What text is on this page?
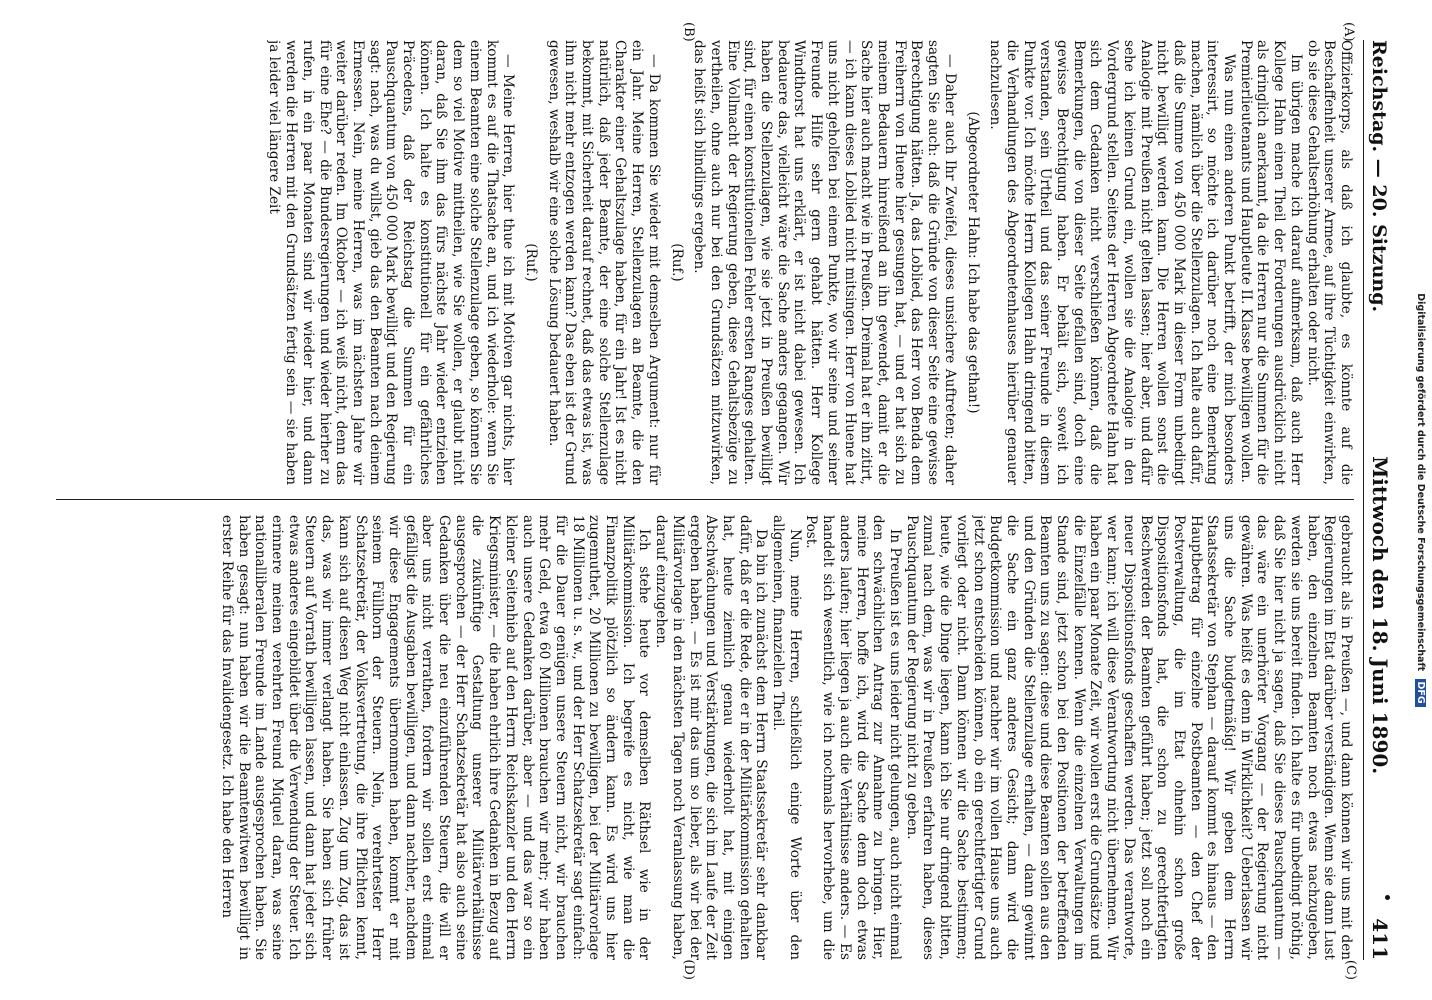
Reichstag. — 20. Sitzung.
Mittwoch den 18. Juni 1890.
411
(A)
(B)
(C)
(D)

Offizierkorps, als daß ich glaubte, es könnte auf die Beschaffenheit unserer Armee, auf ihre Tüchtigkeit einwirken, ob sie diese Gehaltserhöhung erhalten oder nicht.

Im übrigen mache ich darauf aufmerksam, daß auch Herr Kollege Hahn einen Theil der Forderungen ausdrücklich nicht als dringlich anerkannt, da die Herren nur die Summen für die Premierlieutenants und Hauptleute II. Klasse bewilligen wollen.

Was nun einen anderen Punkt betrifft, der mich besonders interessirt, so möchte ich darüber noch eine Bemerkung machen, nämlich über die Stellenzulagen. Ich halte auch dafür, daß die Summe von 450 000 Mark in dieser Form unbedingt nicht bewilligt werden kann. Die Herren wollen sonst die Analogie mit Preußen nicht gelten lassen; hier aber, und dafür sehe ich keinen Grund ein, wollen sie die Analogie in den Vordergrund stellen. Seitens der Herren Abgeordnete Hahn hat sich dem Gedanken nicht verschließen können, daß die Bemerkungen, die von dieser Seite gefallen sind, doch eine gewisse Berechtigung haben. Er behält sich, soweit ich verstanden, sein Urtheil und das seiner Freunde in diesem Punkte vor. Ich möchte Herrn Kollegen Hahn dringend bitten, die Verhandlungen des Abgeordnetenhauses hierüber genauer nachzulesen.

(Abgeordneter Hahn: Ich habe das gethan!)

— Daher auch Ihr Zweifel, dieses unsichere Auftreten; daher sagten Sie auch: daß die Gründe von dieser Seite eine gewisse Berechtigung hätten. Ja, das Loblied, das Herr von Benda dem Freiherrn von Huene hier gesungen hat, — und er hat sich zu meinem Bedauern hinreißend an ihn gewendet, damit er die Sache hier auch macht wie in Preußen. Dreimal hat er ihn zitirt, — ich kann dieses Loblied nicht mitsingen. Herr von Huene hat uns nicht geholfen bei einem Punkte, wo wir seine und seiner Freunde Hilfe sehr gern gehabt hätten. Herr Kollege Windthorst hat uns erklärt, er ist nicht dabei gewesen. Ich bedauere das, vielleicht wäre die Sache anders gegangen. Wir haben die Stellenzulagen, wie sie jetzt in Preußen bewilligt sind, für einen konstitutionellen Fehler ersten Ranges gehalten. Eine Vollmacht der Regierung geben, diese Gehaltsbezüge zu vertheilen, ohne auch nur bei den Grundsätzen mitzuwirken, das heißt sich blindlings ergeben.

(Ruf.)

— Da kommen Sie wieder mit demselben Argument: nur für ein Jahr. Meine Herren, Stellenzulagen an Beamte, die den Charakter einer Gehaltszulage haben, für ein Jahr! Ist es nicht natürlich, daß jeder Beamte, der eine solche Stellenzulage bekommt, mit Sicherheit darauf rechnet, daß das etwas ist, was ihm nicht mehr entzogen werden kann? Das eben ist der Grund gewesen, weshalb wir eine solche Lösung bedauert haben.

(Ruf.)

— Meine Herren, hier thue ich mit Motiven gar nichts, hier kommt es auf die Thatsache an, und ich wiederhole: wenn Sie einem Beamten eine solche Stellenzulage geben, so können Sie dem so viel Motive mittheilen, wie Sie wollen, er glaubt nicht daran, daß Sie ihm das fürs nächste Jahr wieder entziehen können. Ich halte es konstitutionell für ein gefährliches Präcedens, daß der Reichstag die Summen für ein Pauschquantum von 450 000 Mark bewilligt und den Regierung sagt: nach, was du willst, gieb das den Beamten nach deinem Ermessen. Nein, meine Herren, was im nächsten Jahre wir weiter darüber reden. Im Oktober — ich weiß nicht, denn das für eine Ehe? — die Bundesregierungen und wieder hierher zu rufen, in ein paar Monaten sind wir wieder hier, und dann werden die Herren mit den Grundsätzen fertig sein — sie haben ja leider viel längere Zeit

gebraucht als in Preußen —, und dann können wir uns mit den Regierungen im Etat darüber verständigen. Wenn sie dann Lust haben, den einzelnen Beamten noch etwas nachzugeben, werden sie uns bereit finden. Ich halte es für unbedingt nöthig, daß Sie hier nicht ja sagen, daß Sie dieses Pauschquantum — das wäre ein unerhörter Vorgang — der Regierung nicht gewähren. Was heißt es denn in Wirklichkeit? Ueberlassen wir uns die Sache budgetmäßig! Wir geben dem Herrn Staatssekretär von Stephan — darauf kommt es hinaus — den Hauptbetrag für einzelne Postbeamten — den Chef der Postverwaltung, die im Etat ohnehin schon große Dispositionsfonds hat, die schon zu gerechtfertigten Beschwerden der Beamten geführt haben; jetzt soll noch ein neuer Dispositionsfonds geschaffen werden. Das verantworte, wer kann; ich will diese Verantwortung nicht übernehmen. Wir haben ein paar Monate Zeit, wir wollen erst die Grundsätze und die Einzelfälle kennen. Wenn die einzelnen Verwaltungen im Stande sind, jetzt schon bei den Positionen der betreffenden Beamten uns zu sagen: diese und diese Beamten sollen aus den und den Gründen die Stellenzulage erhalten, — dann gewinnt die Sache ein ganz anderes Gesicht; dann wird die Budgetkommission und nachher wir im vollen Hause uns auch jetzt schon entscheiden können, ob ein gerechtfertigter Grund vorliegt oder nicht. Dann können wir die Sache bestimmen; heute, wie die Dinge liegen, kann ich Sie nur dringend bitten, zumal nach dem, was wir in Preußen erfahren haben, dieses Pauschquantum der Regierung nicht zu geben.

In Preußen ist es uns leider nicht gelungen, auch nicht einmal den schwächlichen Antrag zur Annahme zu bringen. Hier, meine Herren, hoffe ich, wird die Sache denn doch etwas anders laufen; hier liegen ja auch die Verhältnisse anders. — Es handelt sich wesentlich, wie ich nochmals hervorhebe, um die Post.

Nun, meine Herren, schließlich einige Worte über den allgemeinen, finanziellen Theil.

Da bin ich zunächst dem Herrn Staatssekretär sehr dankbar dafür, daß er die Rede, die er in der Militärkommission gehalten hat, heute ziemlich genau wiederholt hat, mit einigen Abschwächungen und Verstärkungen, die sich im Laufe der Zeit ergeben haben. — Es ist mir das um so lieber, als wir bei der Militärvorlage in den nächsten Tagen noch Veranlassung haben, darauf einzugehen.

Ich stehe heute vor demselben Räthsel wie in der Militärkommission. Ich begreife es nicht, wie man die Finanzpolitik plötzlich so ändern kann. Es wird uns hier zugemuthet, 20 Millionen zu bewilligen, bei der Militärvorlage 18 Millionen u. s. w., und der Herr Schatzsekretär sagt einfach: für die Dauer genügen unsere Steuern nicht, wir brauchen mehr Geld, etwa 60 Millionen brauchen wir mehr; wir haben auch unsere Gedanken darüber, aber — und das war so ein kleiner Seitenhieb auf den Herrn Reichskanzler und den Herrn Kriegsminister, — die haben ehrlich ihre Gedanken in Bezug auf die zukünftige Gestaltung unserer Militärverhältnisse ausgesprochen — der Herr Schatzsekretär hat also auch seine Gedanken über die neu einzuführenden Steuern, die will er aber uns nicht verrathen, fordern wir sollen erst einmal gefälligst die Ausgaben bewilligen, und dann nachher, nachdem wir diese Engagements übernommen haben, kommt er mit seinem Füllhorn der Steuern. Nein, verehrtester Herr Schatzsekretär, der Volksvertretung, die ihre Pflichten kennt, kann sich auf diesen Weg nicht einlassen. Zug um Zug, das ist das, was wir immer verlangt haben. Sie haben sich früher Steuern auf Vorrath bewilligen lassen, und dann hat jeder sich etwas anderes eingebildet über die Verwendung der Steuer. Ich erinnere meinen verehrten Freund Miquel daran, was seine nationalliberalen Freunde im Lande ausgesprochen haben. Sie haben gesagt: nun haben wir die Beamtenwitwen bewilligt in erster Reihe für das Invalidengesetz. Ich habe den Herren

Digitalisierung gefördert durch die Deutsche Forschungsgemeinschaft DFG
